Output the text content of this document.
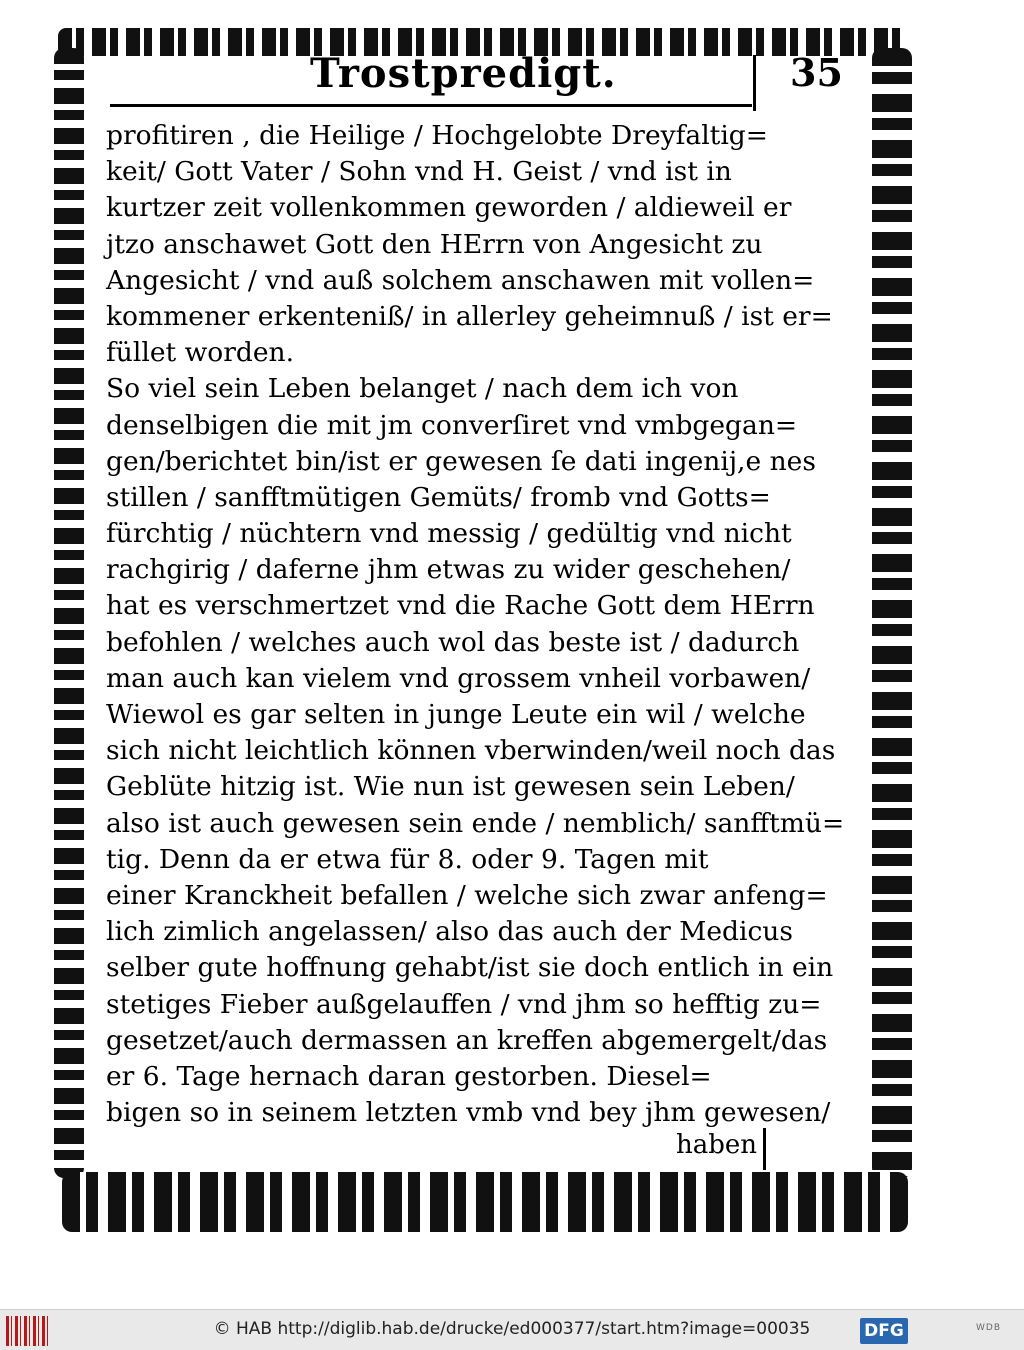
Trostpredigt.	35
profitiren , die Heilige / Hochgelobte Dreyfaltig=
keit/ Gott Vater / Sohn vnd H. Geist / vnd ist in
kurtzer zeit vollenkommen geworden / aldieweil er
jtzo anschawet Gott den HErrn von Angesicht zu
Angesicht / vnd auß solchem anschawen mit vollen=
kommener erkenteniß/ in allerley geheimnuß / ist er=
füllet worden.
So viel sein Leben belanget / nach dem ich von
denselbigen die mit jm converſiret vnd vmbgegan=
gen/berichtet bin/ist er gewesen ſe dati ingenij,e nes
stillen / sanfftmütigen Gemüts/ fromb vnd Gotts=
fürchtig / nüchtern vnd messig / gedültig vnd nicht
rachgirig / daferne jhm etwas zu wider geschehen/
hat es verschmertzet vnd die Rache Gott dem HErrn
befohlen / welches auch wol das beste ist / dadurch
man auch kan vielem vnd grossem vnheil vorbawen/
Wiewol es gar selten in junge Leute ein wil / welche
sich nicht leichtlich können vberwinden/weil noch das
Geblüte hitzig ist. Wie nun ist gewesen sein Leben/
also ist auch gewesen sein ende / nemblich/ sanfftmü=
tig. Denn da er etwa für 8. oder 9. Tagen mit
einer Kranckheit befallen / welche sich zwar anfeng=
lich zimlich angelassen/ also das auch der Medicus
selber gute hoffnung gehabt/ist sie doch entlich in ein
stetiges Fieber außgelauffen / vnd jhm so hefftig zu=
gesetzet/auch dermassen an kreffen abgemergelt/das
er 6. Tage hernach daran gestorben. Diesel=
bigen so in seinem letzten vmb vnd bey jhm gewesen/
haben
© HAB http://diglib.hab.de/drucke/ed000377/start.htm?image=00035	DFG	WDB
